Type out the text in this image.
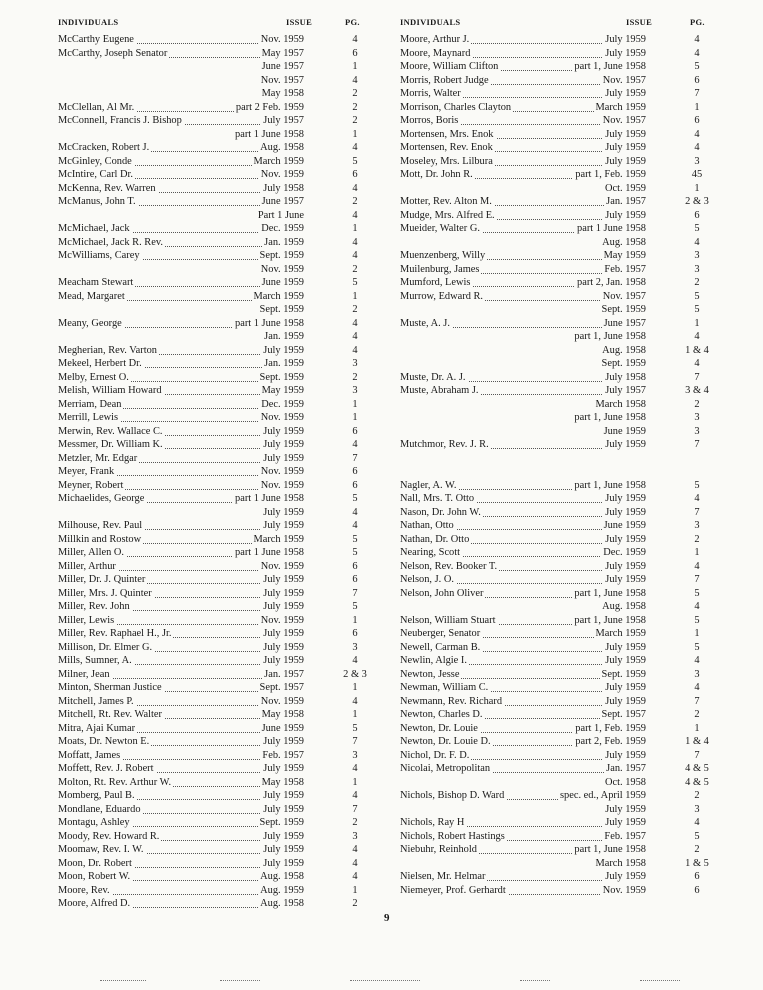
INDIVIDUALS	ISSUE	PG.
McCarthy Eugene	Nov. 1959	4
McCarthy, Joseph Senator	May 1957	6
June 1957	1
Nov. 1957	4
May 1958	2
McClellan, Al Mr.	part 2 Feb. 1959	2
McConnell, Francis J. Bishop	July 1957	2
part 1 June 1958	1
McCracken, Robert J.	Aug. 1958	4
McGinley, Conde	March 1959	5
McIntire, Carl Dr.	Nov. 1959	6
McKenna, Rev. Warren	July 1958	4
McManus, John T.	June 1957	2
Part 1 June	4
McMichael, Jack	Dec. 1959	1
McMichael, Jack R. Rev.	Jan. 1959	4
McWilliams, Carey	Sept. 1959	4
Nov. 1959	2
Meacham Stewart	June 1959	5
Mead, Margaret	March 1959	1
Sept. 1959	2
Meany, George	part 1 June 1958	4
Jan. 1959	4
Megherian, Rev. Varton	July 1959	4
Mekeel, Herbert Dr.	Jan. 1959	3
Melby, Ernest O.	Sept. 1959	2
Melish, William Howard	May 1959	3
Merriam, Dean	Dec. 1959	1
Merrill, Lewis	Nov. 1959	1
Merwin, Rev. Wallace C.	July 1959	6
Messmer, Dr. William K.	July 1959	4
Metzler, Mr. Edgar	July 1959	7
Meyer, Frank	Nov. 1959	6
Meyner, Robert	Nov. 1959	6
Michaelides, George	part 1 June 1958	5
July 1959	4
Milhouse, Rev. Paul	July 1959	4
Millkin and Rostow	March 1959	5
Miller, Allen O.	part 1 June 1958	5
Miller, Arthur	Nov. 1959	6
Miller, Dr. J. Quinter	July 1959	6
Miller, Mrs. J. Quinter	July 1959	7
Miller, Rev. John	July 1959	5
Miller, Lewis	Nov. 1959	1
Miller, Rev. Raphael H., Jr.	July 1959	6
Millison, Dr. Elmer G.	July 1959	3
Mills, Sumner, A.	July 1959	4
Milner, Jean	Jan. 1957	2 & 3
Minton, Sherman Justice	Sept. 1957	1
Mitchell, James P.	Nov. 1959	4
Mitchell, Rt. Rev. Walter	May 1958	1
Mitra, Ajai Kumar	June 1959	5
Moats, Dr. Newton E.	July 1959	7
Moffatt, James	Feb. 1957	3
Moffett, Rev. J. Robert	July 1959	4
Molton, Rt. Rev. Arthur W.	May 1958	1
Momberg, Paul B.	July 1959	4
Mondlane, Eduardo	July 1959	7
Montagu, Ashley	Sept. 1959	2
Moody, Rev. Howard R.	July 1959	3
Moomaw, Rev. I. W.	July 1959	4
Moon, Dr. Robert	July 1959	4
Moon, Robert W.	Aug. 1958	4
Moore, Rev.	Aug. 1959	1
Moore, Alfred D.	Aug. 1958	2
INDIVIDUALS	ISSUE	PG.
Moore, Arthur J.	July 1959	4
Moore, Maynard	July 1959	4
Moore, William Clifton	part 1, June 1958	5
Morris, Robert Judge	Nov. 1957	6
Morris, Walter	July 1959	7
Morrison, Charles Clayton	March 1959	1
Morros, Boris	Nov. 1957	6
Mortensen, Mrs. Enok	July 1959	4
Mortensen, Rev. Enok	July 1959	4
Moseley, Mrs. Lilbura	July 1959	3
Mott, Dr. John R.	part 1, Feb. 1959	45
Oct. 1959	1
Motter, Rev. Alton M.	Jan. 1957	2 & 3
Mudge, Mrs. Alfred E.	July 1959	6
Mueider, Walter G.	part 1 June 1958	5
Aug. 1958	4
Muenzenberg, Willy	May 1959	3
Muilenburg, James	Feb. 1957	3
Mumford, Lewis	part 2, Jan. 1958	2
Murrow, Edward R.	Nov. 1957	5
Sept. 1959	5
Muste, A. J.	June 1957	1
part 1, June 1958	4
Aug. 1958	1 & 4
Sept. 1959	4
Muste, Dr. A. J.	July 1958	7
Muste, Abraham J.	July 1957	3 & 4
March 1958	2
part 1, June 1958	3
June 1959	3
Mutchmor, Rev. J. R.	July 1959	7
Nagler, A. W.	part 1, June 1958	5
Nall, Mrs. T. Otto	July 1959	4
Nason, Dr. John W.	July 1959	7
Nathan, Otto	June 1959	3
Nathan, Dr. Otto	July 1959	2
Nearing, Scott	Dec. 1959	1
Nelson, Rev. Booker T.	July 1959	4
Nelson, J. O.	July 1959	7
Nelson, John Oliver	part 1, June 1958	5
Aug. 1958	4
Nelson, William Stuart	part 1, June 1958	5
Neuberger, Senator	March 1959	1
Newell, Carman B.	July 1959	5
Newlin, Algie I.	July 1959	4
Newton, Jesse	Sept. 1959	3
Newman, William C.	July 1959	4
Newmann, Rev. Richard	July 1959	7
Newton, Charles D.	Sept. 1957	2
Newton, Dr. Louie	part 1, Feb. 1959	1
Newton, Dr. Louie D.	part 2, Feb. 1959	1 & 4
Nichol, Dr. F. D.	July 1959	7
Nicolai, Metropolitan	Jan. 1957	4 & 5
Oct. 1958	4 & 5
Nichols, Bishop D. Ward	spec. ed., April 1959	2
July 1959	3
Nichols, Ray H	July 1959	4
Nichols, Robert Hastings	Feb. 1957	5
Niebuhr, Reinhold	part 1, June 1958	2
March 1958	1 & 5
Nielsen, Mr. Helmar	July 1959	6
Niemeyer, Prof. Gerhardt	Nov. 1959	6
9
